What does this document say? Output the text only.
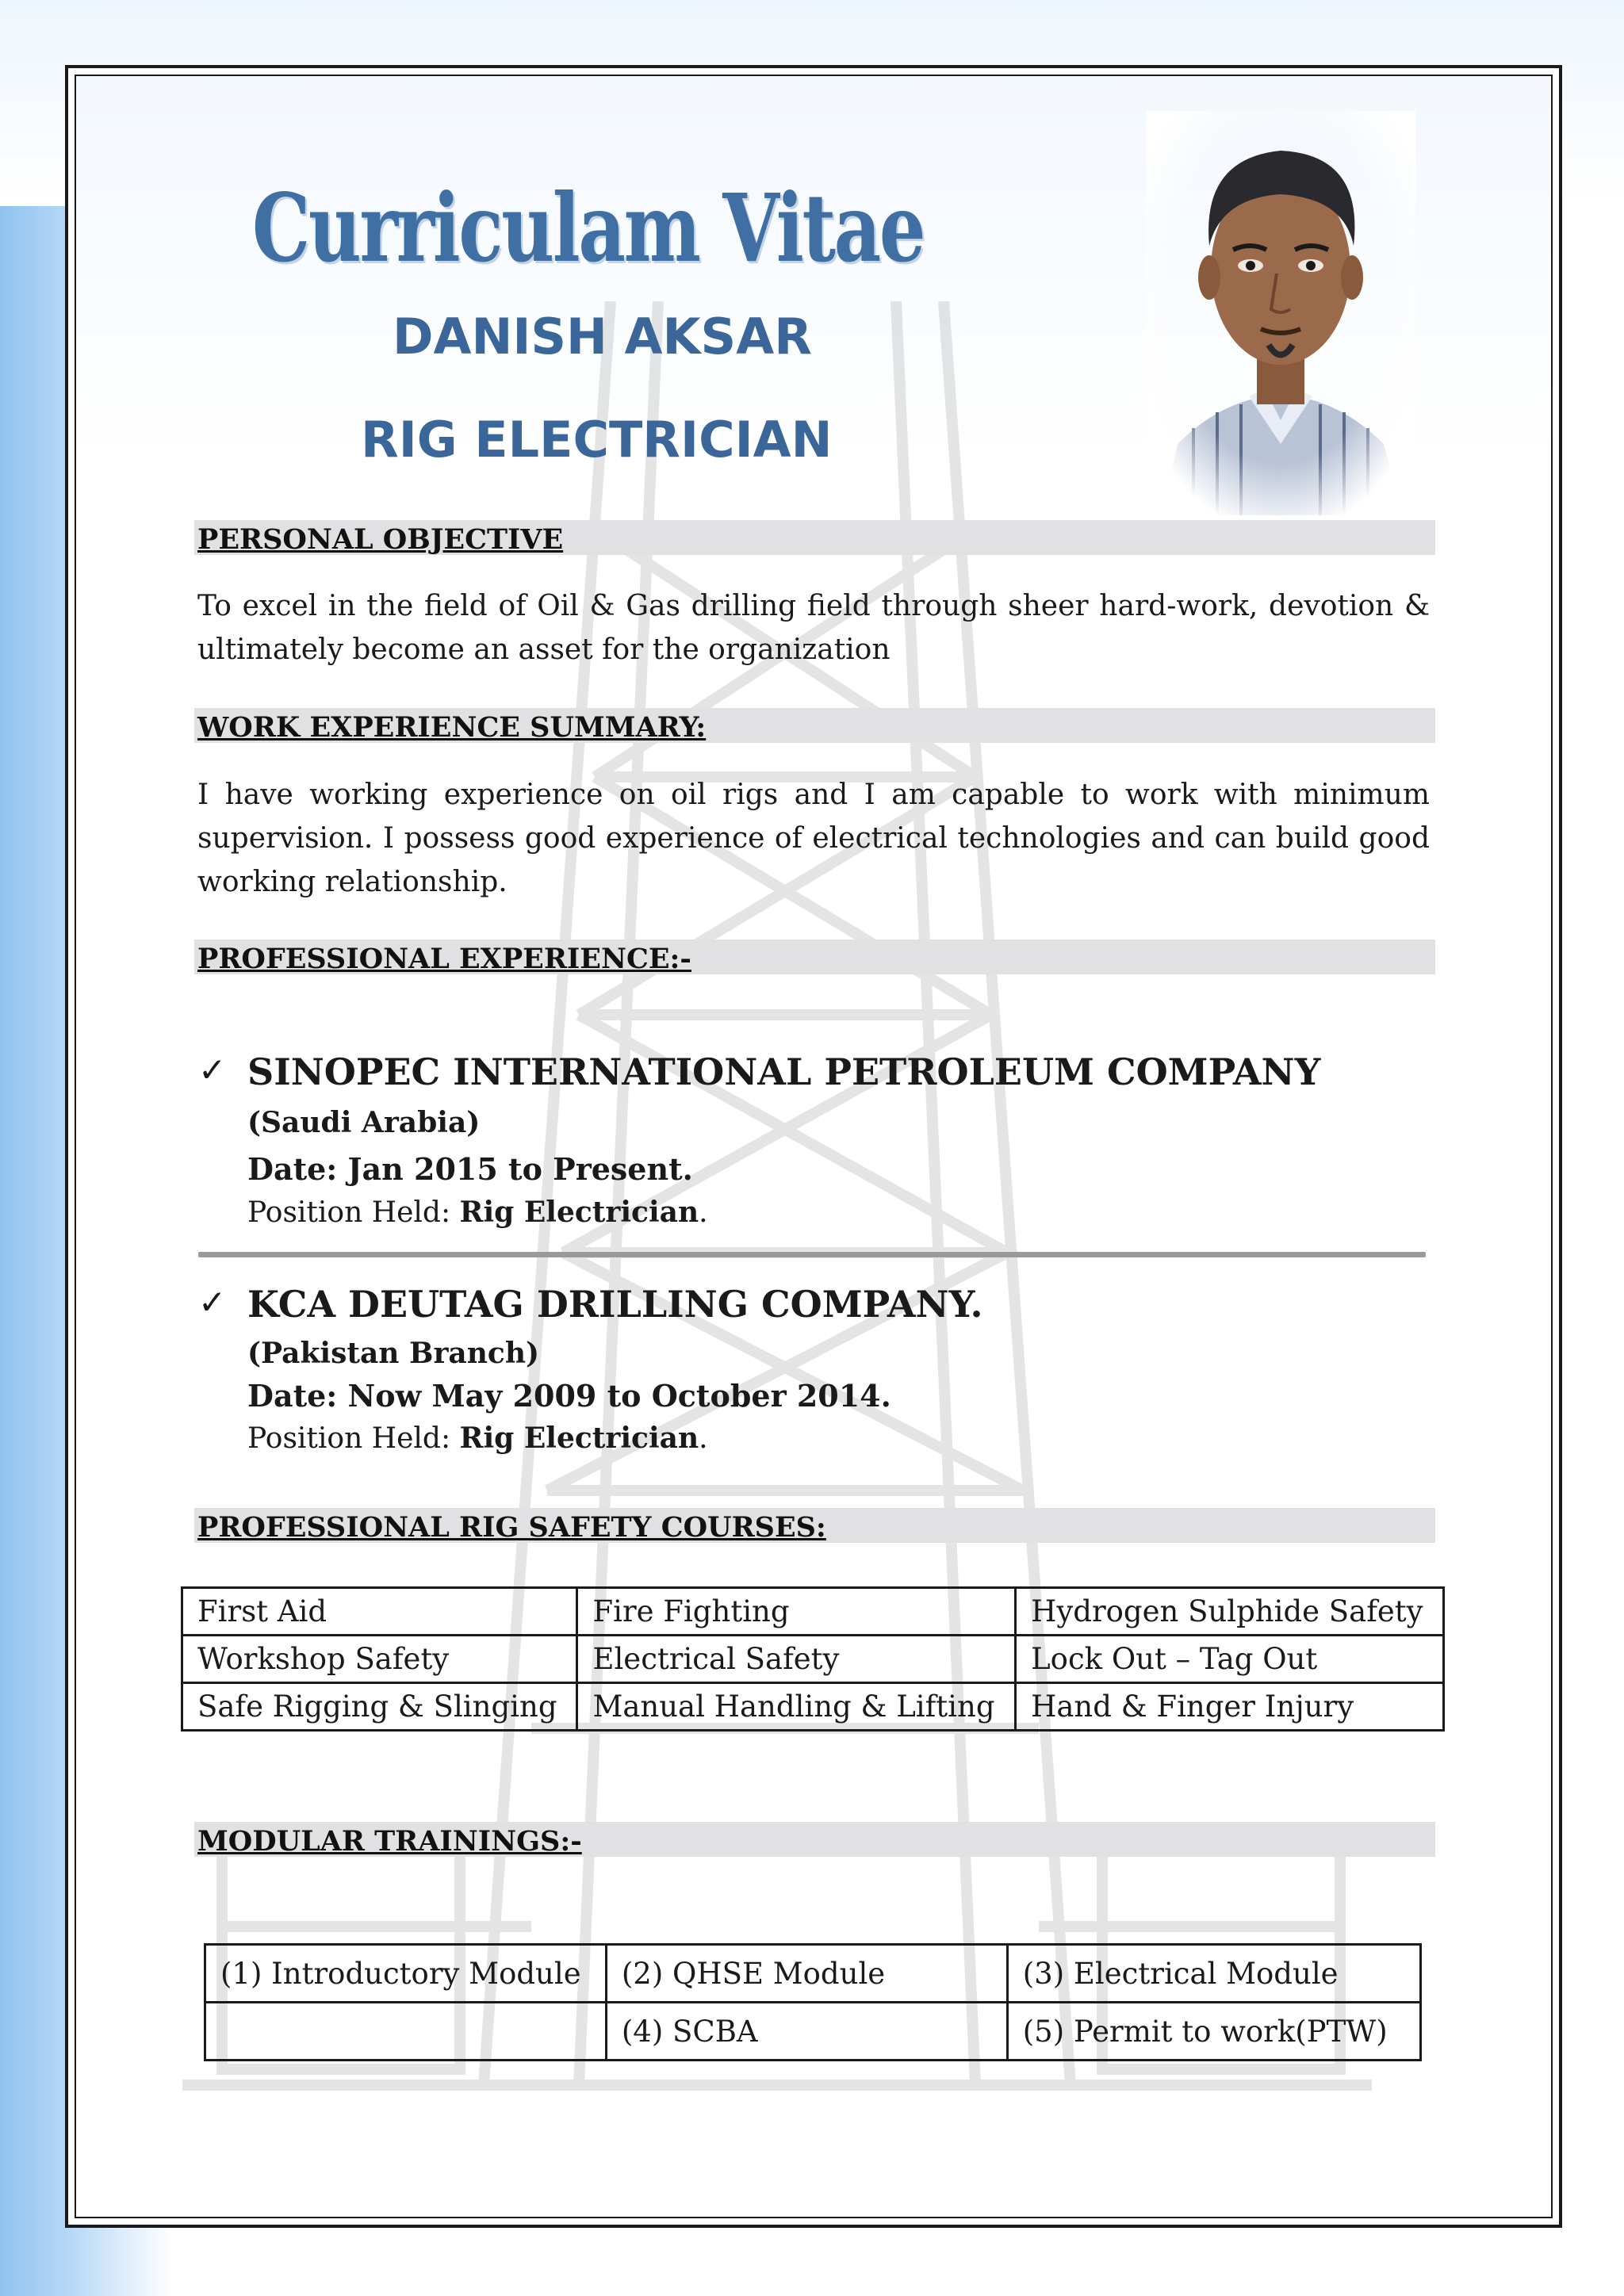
Curriculam Vitae
DANISH AKSAR
RIG ELECTRICIAN
PERSONAL OBJECTIVE
To excel in the field of Oil & Gas drilling field through sheer hard-work, devotion & ultimately become an asset for the organization
WORK EXPERIENCE SUMMARY:
I have working experience on oil rigs and I am capable to work with minimum supervision. I possess good experience of electrical technologies and can build good working relationship.
PROFESSIONAL EXPERIENCE:-
✓ SINOPEC INTERNATIONAL PETROLEUM COMPANY
(Saudi Arabia)
Date: Jan 2015 to Present.
Position Held: Rig Electrician.
✓ KCA DEUTAG DRILLING COMPANY.
(Pakistan Branch)
Date: Now May 2009 to October 2014.
Position Held: Rig Electrician.
PROFESSIONAL RIG SAFETY COURSES:
First Aid	Fire Fighting	Hydrogen Sulphide Safety
Workshop Safety	Electrical Safety	Lock Out – Tag Out
Safe Rigging & Slinging	Manual Handling & Lifting	Hand & Finger Injury
MODULAR TRAININGS:-
(1) Introductory Module	(2) QHSE Module	(3) Electrical Module
	(4) SCBA	(5) Permit to work(PTW)
